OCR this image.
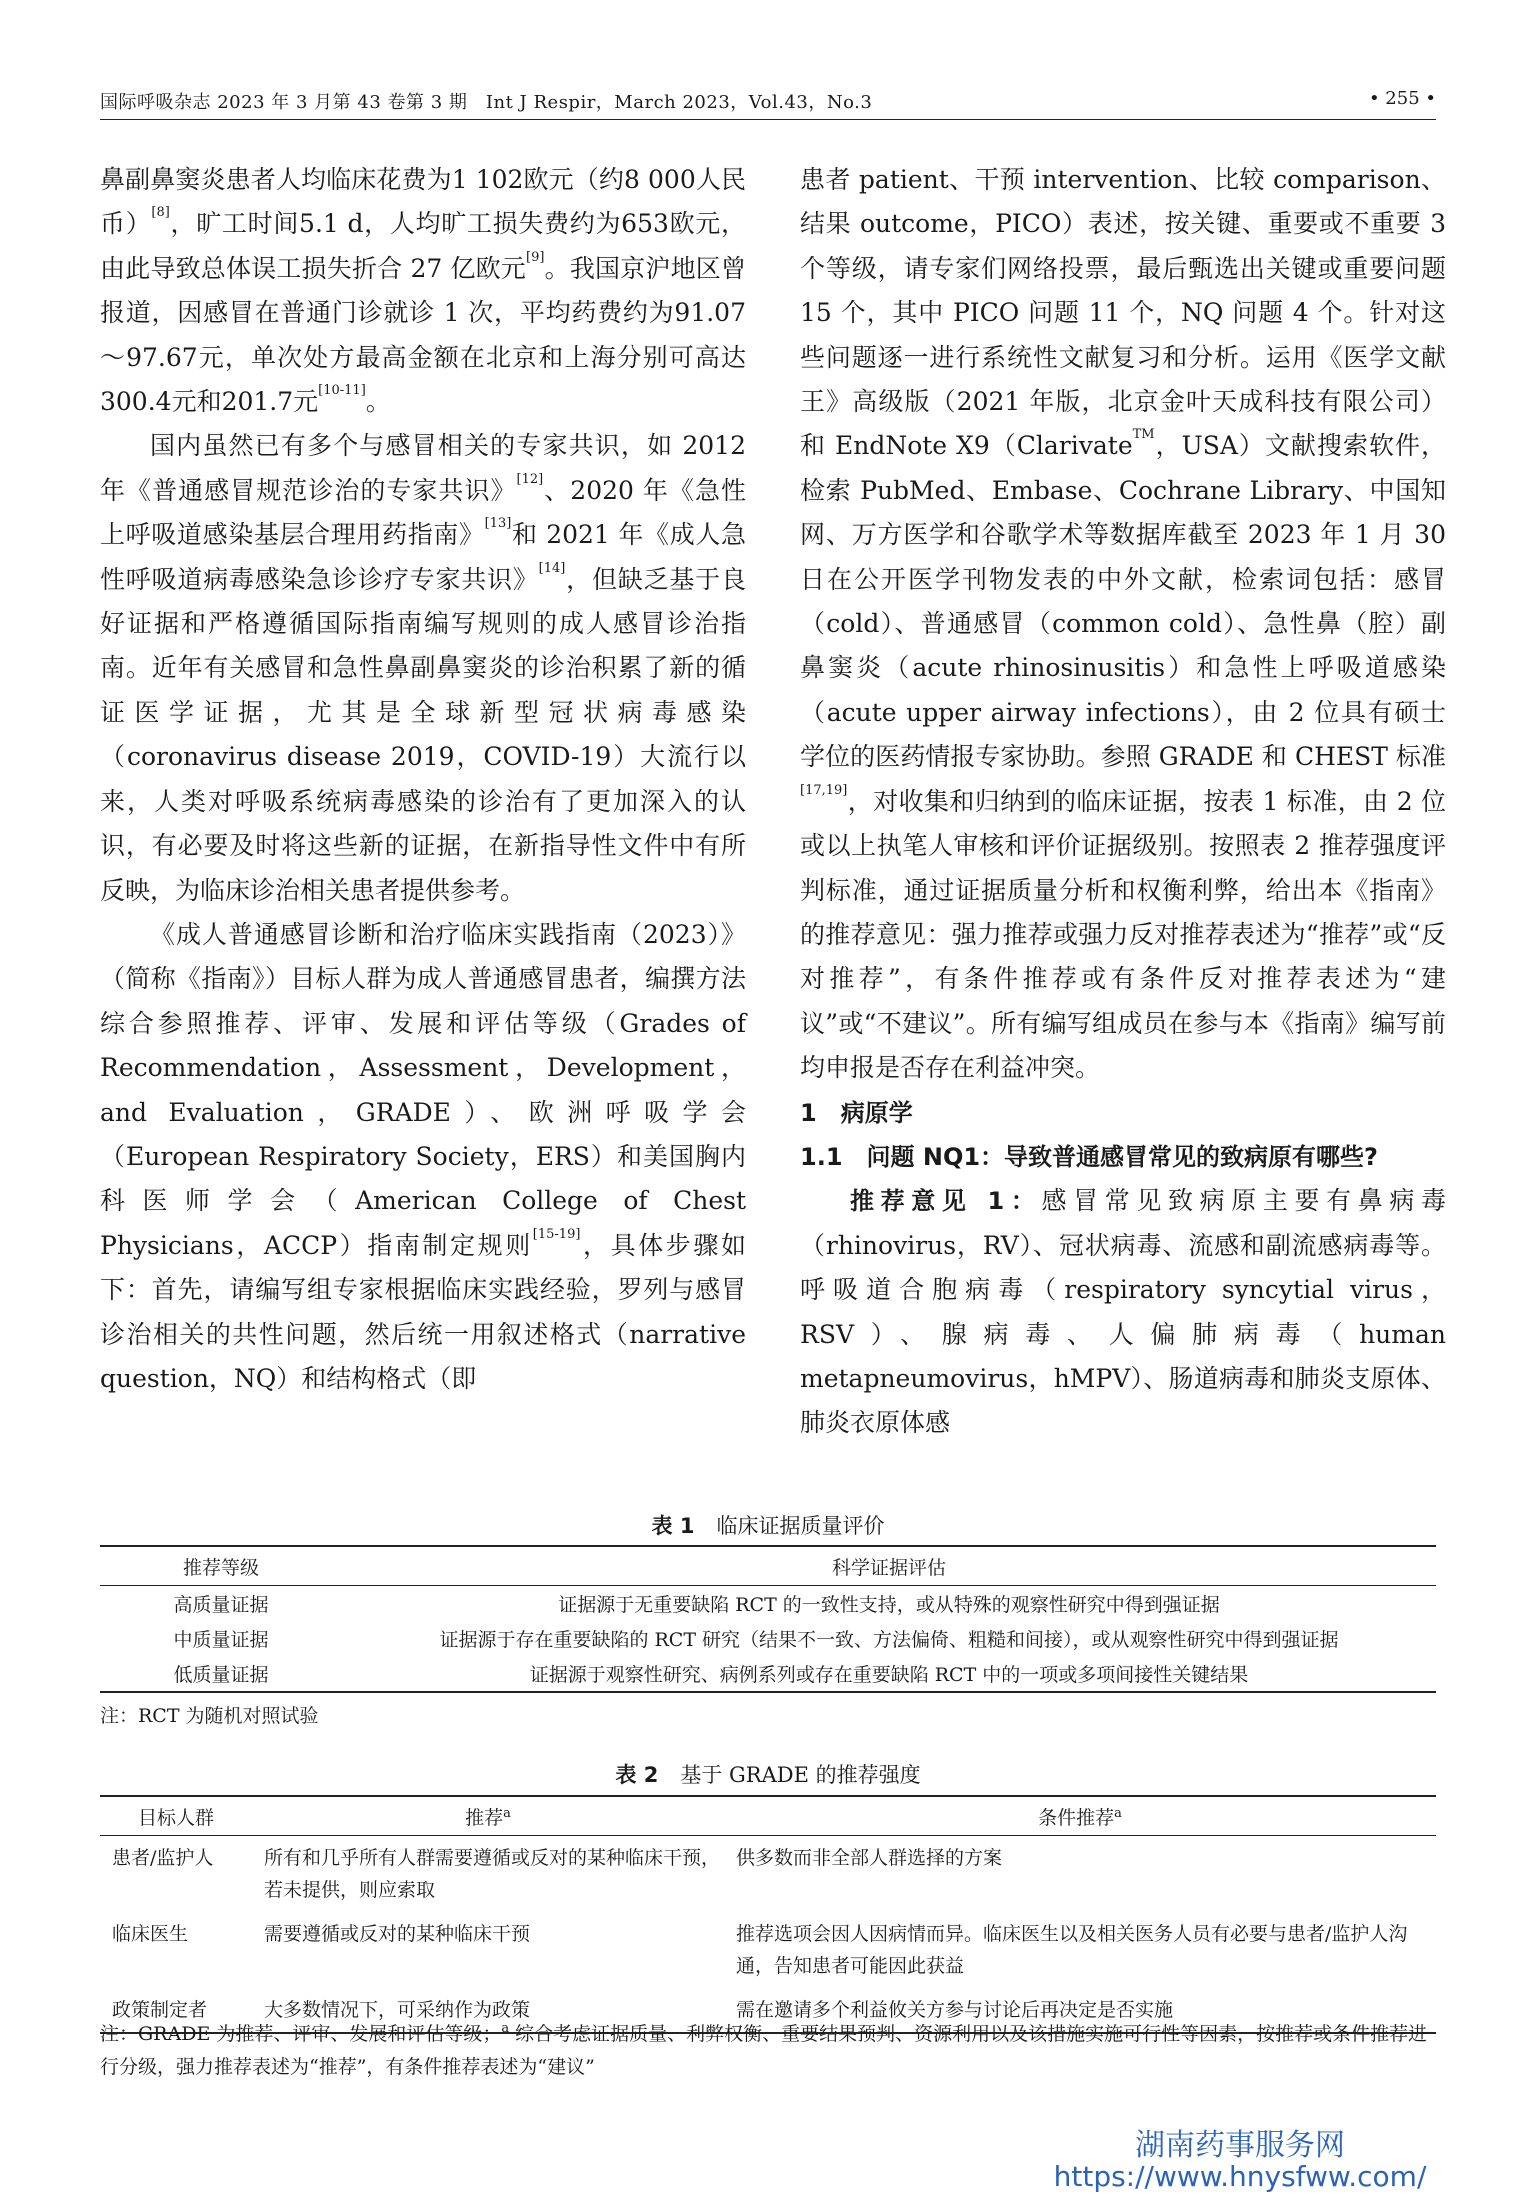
国际呼吸杂志 2023 年 3 月第 43 卷第 3 期　Int J Respir，March 2023，Vol.43，No.3	• 255 •

鼻副鼻窦炎患者人均临床花费为1 102欧元（约8 000人民币）[8]，旷工时间5.1 d，人均旷工损失费约为653欧元，由此导致总体误工损失折合 27 亿欧元[9]。我国京沪地区曾报道，因感冒在普通门诊就诊 1 次，平均药费约为91.07～97.67元，单次处方最高金额在北京和上海分别可高达300.4元和201.7元[10-11]。

国内虽然已有多个与感冒相关的专家共识，如 2012 年《普通感冒规范诊治的专家共识》[12]、2020 年《急性上呼吸道感染基层合理用药指南》[13]和 2021 年《成人急性呼吸道病毒感染急诊诊疗专家共识》[14]，但缺乏基于良好证据和严格遵循国际指南编写规则的成人感冒诊治指南。近年有关感冒和急性鼻副鼻窦炎的诊治积累了新的循证医学证据，尤其是全球新型冠状病毒感染（coronavirus disease 2019，COVID-19）大流行以来，人类对呼吸系统病毒感染的诊治有了更加深入的认识，有必要及时将这些新的证据，在新指导性文件中有所反映，为临床诊治相关患者提供参考。

《成人普通感冒诊断和治疗临床实践指南（2023）》（简称《指南》）目标人群为成人普通感冒患者，编撰方法综合参照推荐、评审、发展和评估等级（Grades of Recommendation，Assessment，Development，and Evaluation，GRADE）、欧洲呼吸学会（European Respiratory Society，ERS）和美国胸内科医师学会（American College of Chest Physicians，ACCP）指南制定规则[15-19]，具体步骤如下：首先，请编写组专家根据临床实践经验，罗列与感冒诊治相关的共性问题，然后统一用叙述格式（narrative question，NQ）和结构格式（即

患者 patient、干预 intervention、比较 comparison、结果 outcome，PICO）表述，按关键、重要或不重要 3 个等级，请专家们网络投票，最后甄选出关键或重要问题 15 个，其中 PICO 问题 11 个，NQ 问题 4 个。针对这些问题逐一进行系统性文献复习和分析。运用《医学文献王》高级版（2021 年版，北京金叶天成科技有限公司）和 EndNote X9（Clarivate™，USA）文献搜索软件，检索 PubMed、Embase、Cochrane Library、中国知网、万方医学和谷歌学术等数据库截至 2023 年 1 月 30 日在公开医学刊物发表的中外文献，检索词包括：感冒（cold）、普通感冒（common cold）、急性鼻（腔）副鼻窦炎（acute rhinosinusitis）和急性上呼吸道感染（acute upper airway infections），由 2 位具有硕士学位的医药情报专家协助。参照 GRADE 和 CHEST 标准[17,19]，对收集和归纳到的临床证据，按表 1 标准，由 2 位或以上执笔人审核和评价证据级别。按照表 2 推荐强度评判标准，通过证据质量分析和权衡利弊，给出本《指南》的推荐意见：强力推荐或强力反对推荐表述为“推荐”或“反对推荐”，有条件推荐或有条件反对推荐表述为“建议”或“不建议”。所有编写组成员在参与本《指南》编写前均申报是否存在利益冲突。

1　病原学

1.1　问题 NQ1：导致普通感冒常见的致病原有哪些?

推荐意见 1：感冒常见致病原主要有鼻病毒（rhinovirus，RV）、冠状病毒、流感和副流感病毒等。呼吸道合胞病毒（respiratory syncytial virus，RSV）、腺病毒、人偏肺病毒（human metapneumovirus，hMPV）、肠道病毒和肺炎支原体、肺炎衣原体感

表 1 临床证据质量评价
推荐等级	科学证据评估
高质量证据	证据源于无重要缺陷 RCT 的一致性支持，或从特殊的观察性研究中得到强证据
中质量证据	证据源于存在重要缺陷的 RCT 研究（结果不一致、方法偏倚、粗糙和间接），或从观察性研究中得到强证据
低质量证据	证据源于观察性研究、病例系列或存在重要缺陷 RCT 中的一项或多项间接性关键结果
注：RCT 为随机对照试验
表 2 基于 GRADE 的推荐强度
目标人群	推荐$^a$	条件推荐$^a$
患者/监护人	所有和几乎所有人群需要遵循或反对的某种临床干预，若未提供，则应索取	供多数而非全部人群选择的方案
临床医生	需要遵循或反对的某种临床干预	推荐选项会因人因病情而异。临床医生以及相关医务人员有必要与患者/监护人沟通，告知患者可能因此获益
政策制定者	大多数情况下，可采纳作为政策	需在邀请多个利益攸关方参与讨论后再决定是否实施
注：GRADE 为推荐、评审、发展和评估等级；$^a$ 综合考虑证据质量、利弊权衡、重要结果预判、资源利用以及该措施实施可行性等因素，按推荐或条件推荐进行分级，强力推荐表述为“推荐”，有条件推荐表述为“建议”
湖南药事服务网
https://www.hnysfww.com/
